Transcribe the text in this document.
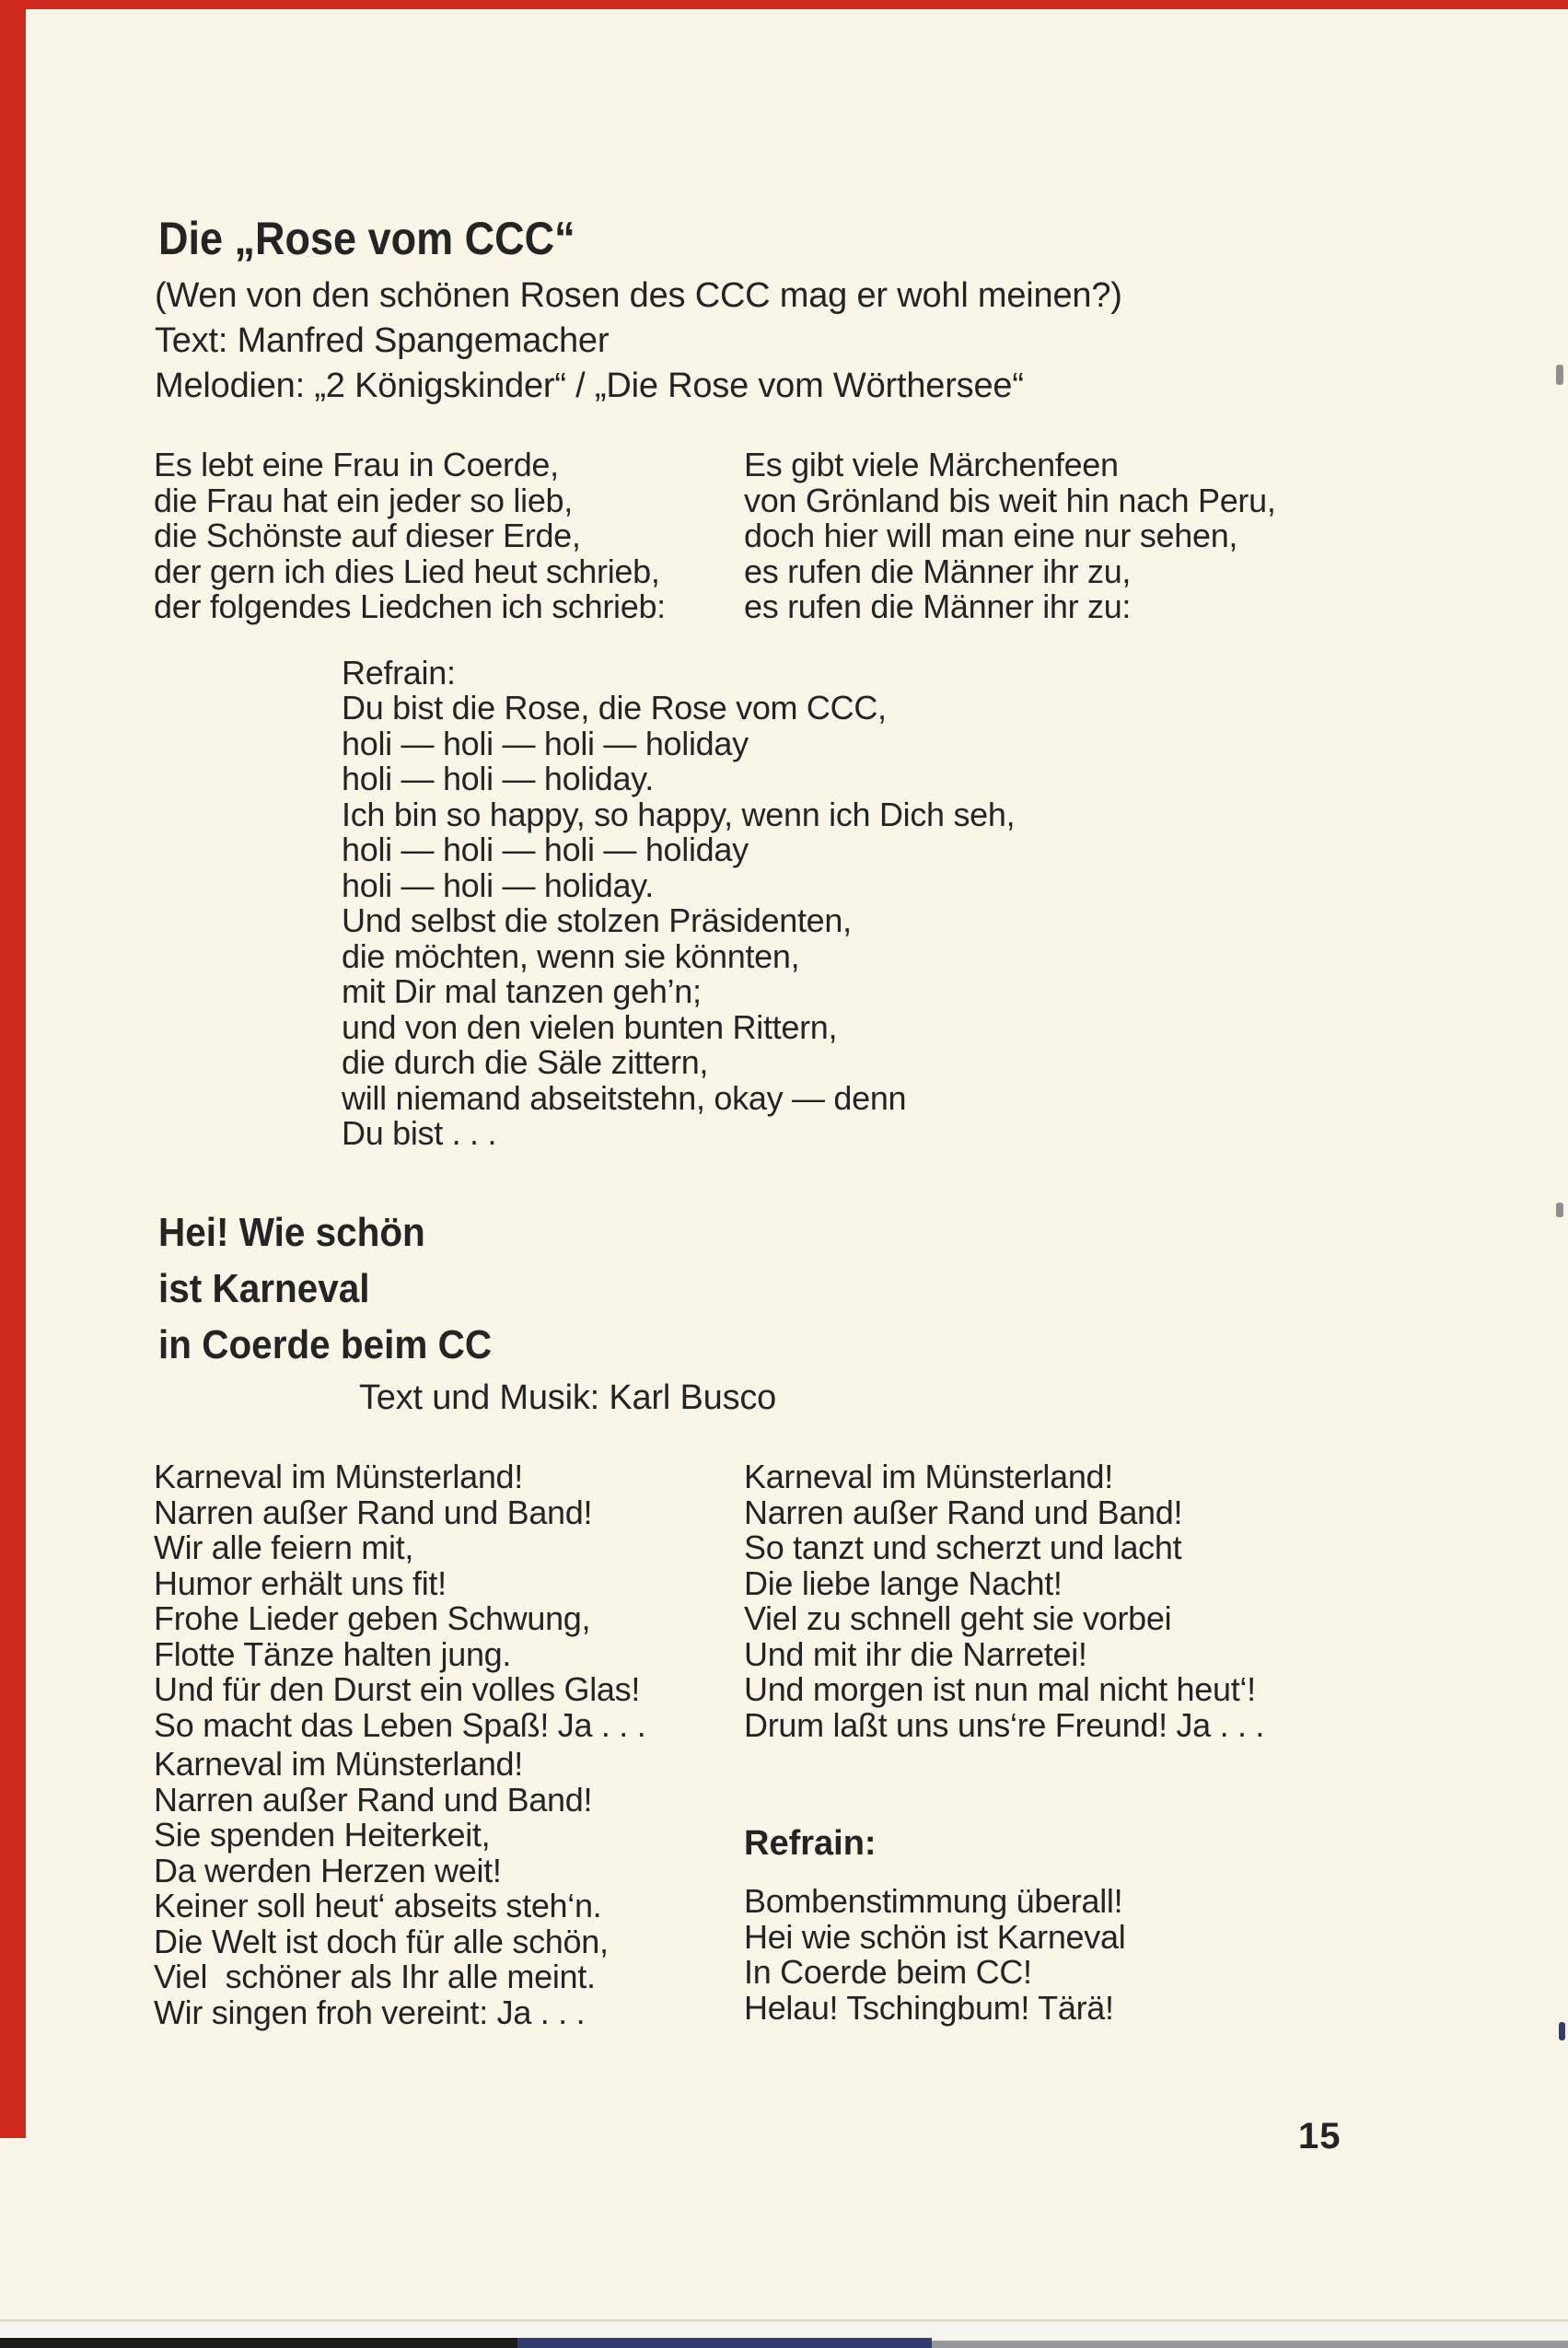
Die „Rose vom CCC“
(Wen von den schönen Rosen des CCC mag er wohl meinen?)
Text: Manfred Spangemacher
Melodien: „2 Königskinder“ / „Die Rose vom Wörthersee“
Es lebt eine Frau in Coerde,
die Frau hat ein jeder so lieb,
die Schönste auf dieser Erde,
der gern ich dies Lied heut schrieb,
der folgendes Liedchen ich schrieb:
Es gibt viele Märchenfeen
von Grönland bis weit hin nach Peru,
doch hier will man eine nur sehen,
es rufen die Männer ihr zu,
es rufen die Männer ihr zu:
Refrain:
Du bist die Rose, die Rose vom CCC,
holi — holi — holi — holiday
holi — holi — holiday.
Ich bin so happy, so happy, wenn ich Dich seh,
holi — holi — holi — holiday
holi — holi — holiday.
Und selbst die stolzen Präsidenten,
die möchten, wenn sie könnten,
mit Dir mal tanzen geh’n;
und von den vielen bunten Rittern,
die durch die Säle zittern,
will niemand abseitstehn, okay — denn
Du bist . . .
Hei! Wie schön
ist Karneval
in Coerde beim CC
Text und Musik: Karl Busco
Karneval im Münsterland!
Narren außer Rand und Band!
Wir alle feiern mit,
Humor erhält uns fit!
Frohe Lieder geben Schwung,
Flotte Tänze halten jung.
Und für den Durst ein volles Glas!
So macht das Leben Spaß! Ja . . .
Karneval im Münsterland!
Narren außer Rand und Band!
So tanzt und scherzt und lacht
Die liebe lange Nacht!
Viel zu schnell geht sie vorbei
Und mit ihr die Narretei!
Und morgen ist nun mal nicht heut‘!
Drum laßt uns uns‘re Freund! Ja . . .
Karneval im Münsterland!
Narren außer Rand und Band!
Sie spenden Heiterkeit,
Da werden Herzen weit!
Keiner soll heut‘ abseits steh‘n.
Die Welt ist doch für alle schön,
Viel  schöner als Ihr alle meint.
Wir singen froh vereint: Ja . . .
Refrain:
Bombenstimmung überall!
Hei wie schön ist Karneval
In Coerde beim CC!
Helau! Tschingbum! Tärä!
15
